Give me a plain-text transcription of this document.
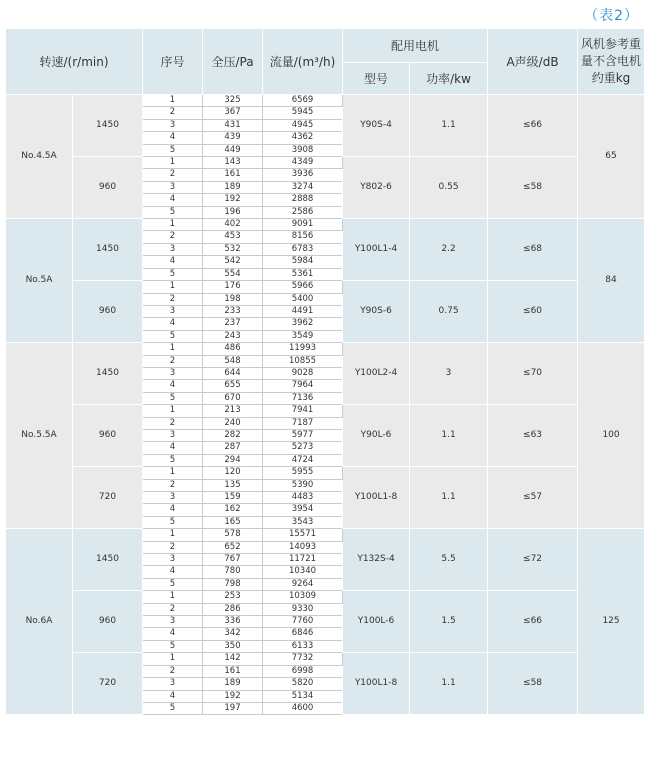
（表2）
转速/(r/min)		序号	全压/Pa	流量/(m³/h)	配用电机		A声级/dB	风机参考重量不含电机约重kg
					型号	功率/kw		
No.4.5A	1450	1	325	6569	Y90S-4	1.1	≤66	65
		2	367	5945				
		3	431	4945				
		4	439	4362				
		5	449	3908				
	960	1	143	4349	Y802-6	0.55	≤58	
		2	161	3936				
		3	189	3274				
		4	192	2888				
		5	196	2586				
No.5A	1450	1	402	9091	Y100L1-4	2.2	≤68	84
		2	453	8156				
		3	532	6783				
		4	542	5984				
		5	554	5361				
	960	1	176	5966	Y90S-6	0.75	≤60	
		2	198	5400				
		3	233	4491				
		4	237	3962				
		5	243	3549				
No.5.5A	1450	1	486	11993	Y100L2-4	3	≤70	100
		2	548	10855				
		3	644	9028				
		4	655	7964				
		5	670	7136				
	960	1	213	7941	Y90L-6	1.1	≤63	
		2	240	7187				
		3	282	5977				
		4	287	5273				
		5	294	4724				
	720	1	120	5955	Y100L1-8	1.1	≤57	
		2	135	5390				
		3	159	4483				
		4	162	3954				
		5	165	3543				
No.6A	1450	1	578	15571	Y132S-4	5.5	≤72	125
		2	652	14093				
		3	767	11721				
		4	780	10340				
		5	798	9264				
	960	1	253	10309	Y100L-6	1.5	≤66	
		2	286	9330				
		3	336	7760				
		4	342	6846				
		5	350	6133				
	720	1	142	7732	Y100L1-8	1.1	≤58	
		2	161	6998				
		3	189	5820				
		4	192	5134				
		5	197	4600				
